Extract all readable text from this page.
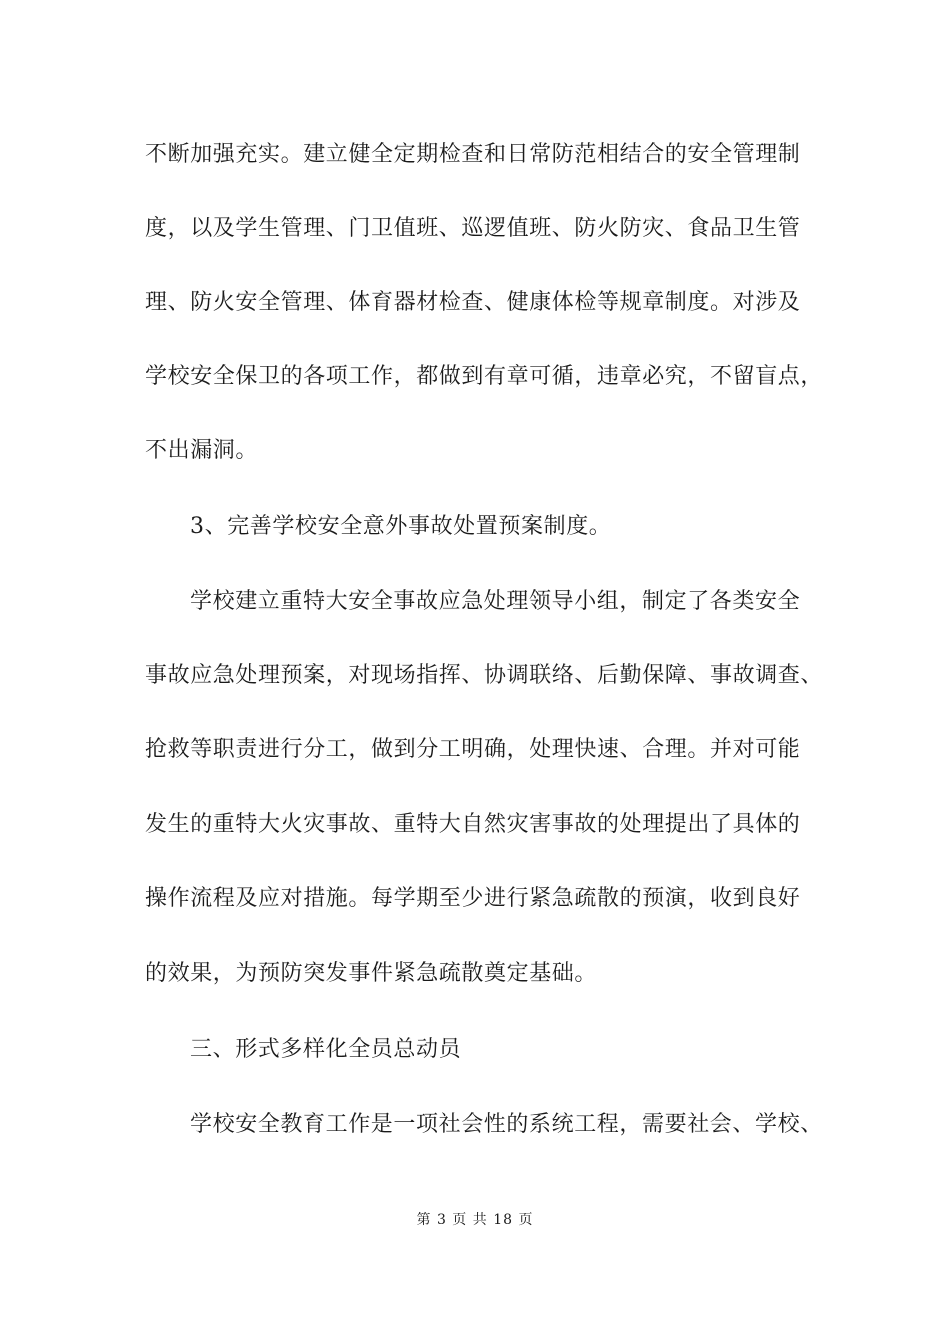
不断加强充实。建立健全定期检查和日常防范相结合的安全管理制
度，以及学生管理、门卫值班、巡逻值班、防火防灾、食品卫生管
理、防火安全管理、体育器材检查、健康体检等规章制度。对涉及
学校安全保卫的各项工作，都做到有章可循，违章必究，不留盲点，
不出漏洞。
3、完善学校安全意外事故处置预案制度。
学校建立重特大安全事故应急处理领导小组，制定了各类安全
事故应急处理预案，对现场指挥、协调联络、后勤保障、事故调查、
抢救等职责进行分工，做到分工明确，处理快速、合理。并对可能
发生的重特大火灾事故、重特大自然灾害事故的处理提出了具体的
操作流程及应对措施。每学期至少进行紧急疏散的预演，收到良好
的效果，为预防突发事件紧急疏散奠定基础。
三、形式多样化全员总动员
学校安全教育工作是一项社会性的系统工程，需要社会、学校、
第 3 页 共 18 页
